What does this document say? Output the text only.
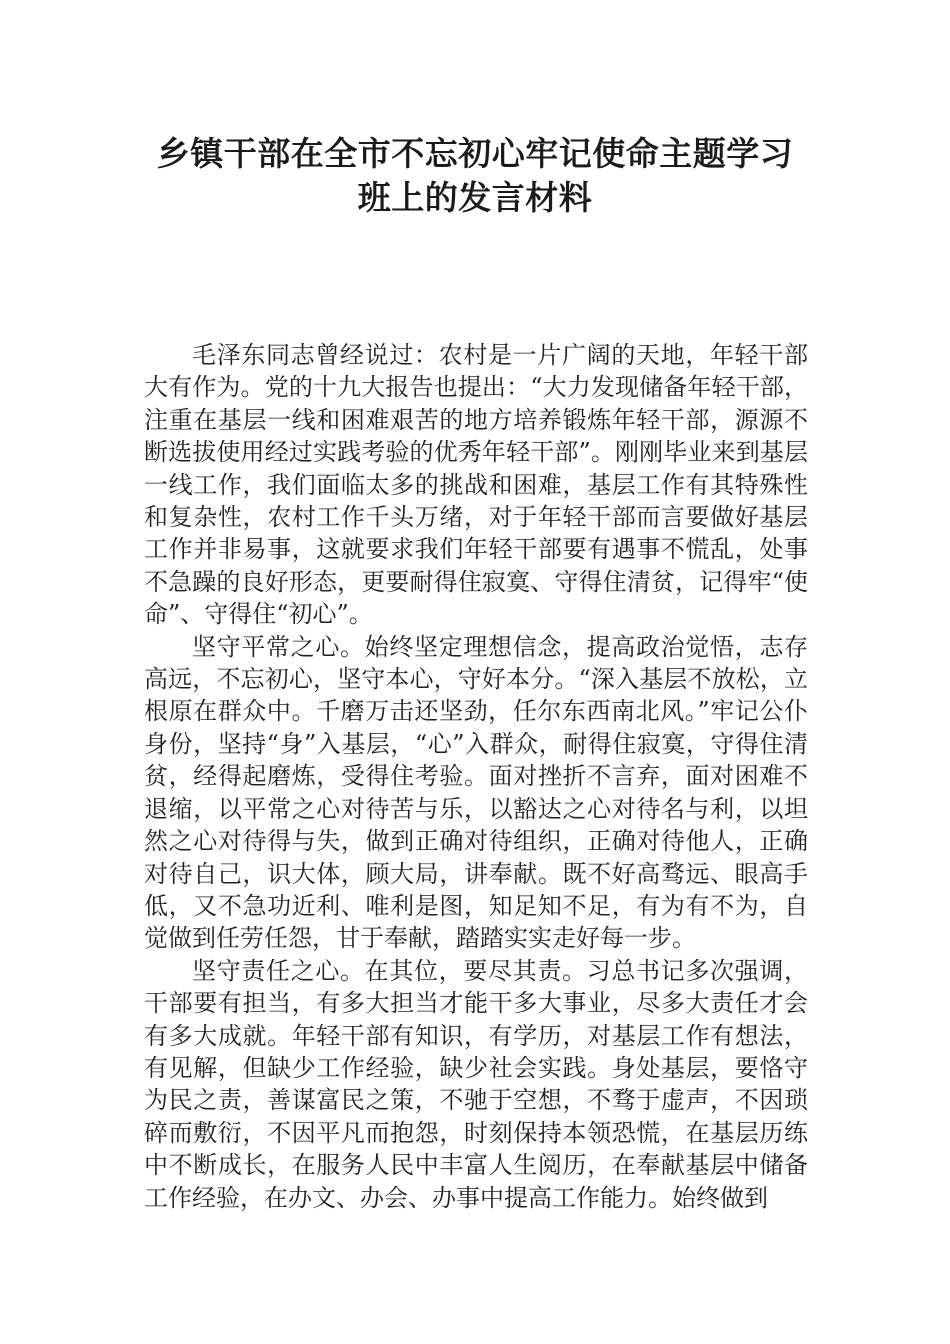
乡镇干部在全市不忘初心牢记使命主题学习
班上的发言材料

毛泽东同志曾经说过：农村是一片广阔的天地，年轻干部大有作为。党的十九大报告也提出：“大力发现储备年轻干部，注重在基层一线和困难艰苦的地方培养锻炼年轻干部，源源不断选拔使用经过实践考验的优秀年轻干部”。刚刚毕业来到基层一线工作，我们面临太多的挑战和困难，基层工作有其特殊性和复杂性，农村工作千头万绪，对于年轻干部而言要做好基层工作并非易事，这就要求我们年轻干部要有遇事不慌乱，处事不急躁的良好形态，更要耐得住寂寞、守得住清贫，记得牢“使命”、守得住“初心”。

坚守平常之心。始终坚定理想信念，提高政治觉悟，志存高远，不忘初心，坚守本心，守好本分。“深入基层不放松，立根原在群众中。千磨万击还坚劲，任尔东西南北风。”牢记公仆身份，坚持“身”入基层，“心”入群众，耐得住寂寞，守得住清贫，经得起磨炼，受得住考验。面对挫折不言弃，面对困难不退缩，以平常之心对待苦与乐，以豁达之心对待名与利，以坦然之心对待得与失，做到正确对待组织，正确对待他人，正确对待自己，识大体，顾大局，讲奉献。既不好高骛远、眼高手低，又不急功近利、唯利是图，知足知不足，有为有不为，自觉做到任劳任怨，甘于奉献，踏踏实实走好每一步。

坚守责任之心。在其位，要尽其责。习总书记多次强调，干部要有担当，有多大担当才能干多大事业，尽多大责任才会有多大成就。年轻干部有知识，有学历，对基层工作有想法，有见解，但缺少工作经验，缺少社会实践。身处基层，要恪守为民之责，善谋富民之策，不驰于空想，不骛于虚声，不因琐碎而敷衍，不因平凡而抱怨，时刻保持本领恐慌，在基层历练中不断成长，在服务人民中丰富人生阅历，在奉献基层中储备工作经验，在办文、办会、办事中提高工作能力。始终做到
